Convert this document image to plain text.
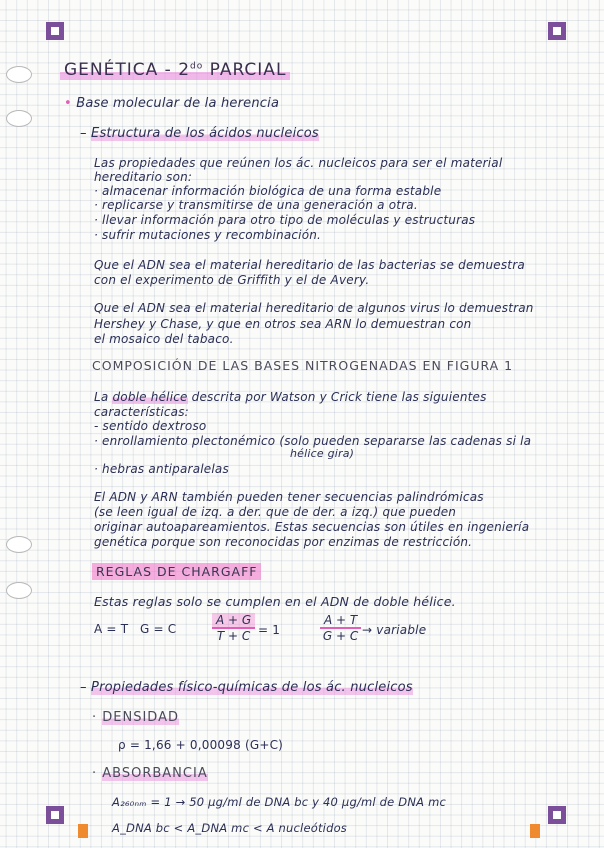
GENÉTICA - $2^{do}$ PARCIAL
• Base molecular de la herencia
– Estructura de los ácidos nucleicos
Las propiedades que reúnen los ác. nucleicos para ser el material
hereditario son:
· almacenar información biológica de una forma estable
· replicarse y transmitirse de una generación a otra.
· llevar información para otro tipo de moléculas y estructuras
· sufrir mutaciones y recombinación.
Que el ADN sea el material hereditario de las bacterias se demuestra
con el experimento de Griffith y el de Avery.
Que el ADN sea el material hereditario de algunos virus lo demuestran
Hershey y Chase, y que en otros sea ARN lo demuestran con
el mosaico del tabaco.
COMPOSICIÓN DE LAS BASES NITROGENADAS EN FIGURA 1
La doble hélice descrita por Watson y Crick tiene las siguientes
características:
- sentido dextroso
· enrollamiento plectonémico (solo pueden separarse las cadenas si la
hélice gira)
· hebras antiparalelas
El ADN y ARN también pueden tener secuencias palindrómicas
(se leen igual de izq. a der. que de der. a izq.) que pueden
originar autoapareamientos. Estas secuencias son útiles en ingeniería
genética porque son reconocidas por enzimas de restricción.
REGLAS DE CHARGAFF
Estas reglas solo se cumplen en el ADN de doble hélice.
A = T G = C	$\frac{A + G}{T + C} = 1$	$\frac{A + T}{G + C}$ → variable
– Propiedades físico-químicas de los ác. nucleicos
· DENSIDAD
ρ = 1,66 + 0,00098 (G+C)
· ABSORBANCIA
A₂₆₀ₙₘ = 1 → 50 µg/ml de DNA bc y 40 µg/ml de DNA mc
A_DNA bc < A_DNA mc < A nucleótidos
